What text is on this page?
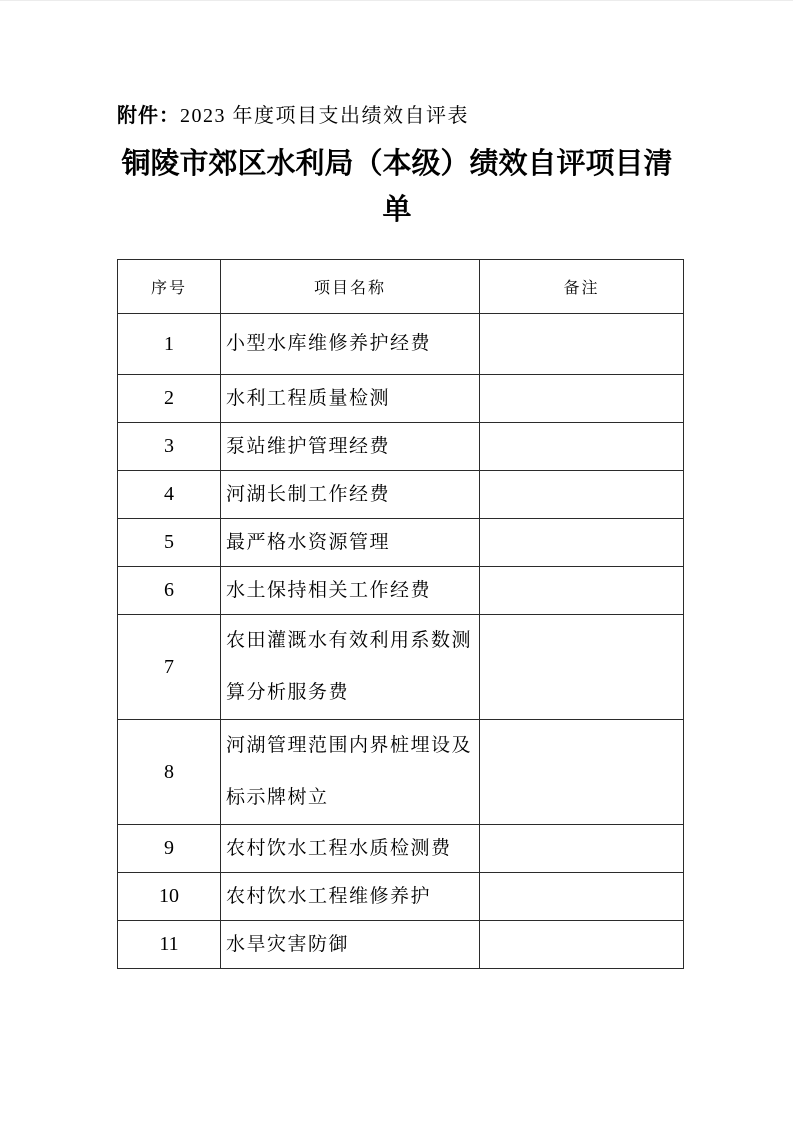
附件：2023 年度项目支出绩效自评表
铜陵市郊区水利局（本级）绩效自评项目清单
序号	项目名称	备注
1	小型水库维修养护经费	
2	水利工程质量检测	
3	泵站维护管理经费	
4	河湖长制工作经费	
5	最严格水资源管理	
6	水土保持相关工作经费	
7	农田灌溉水有效利用系数测算分析服务费	
8	河湖管理范围内界桩埋设及标示牌树立	
9	农村饮水工程水质检测费	
10	农村饮水工程维修养护	
11	水旱灾害防御	
